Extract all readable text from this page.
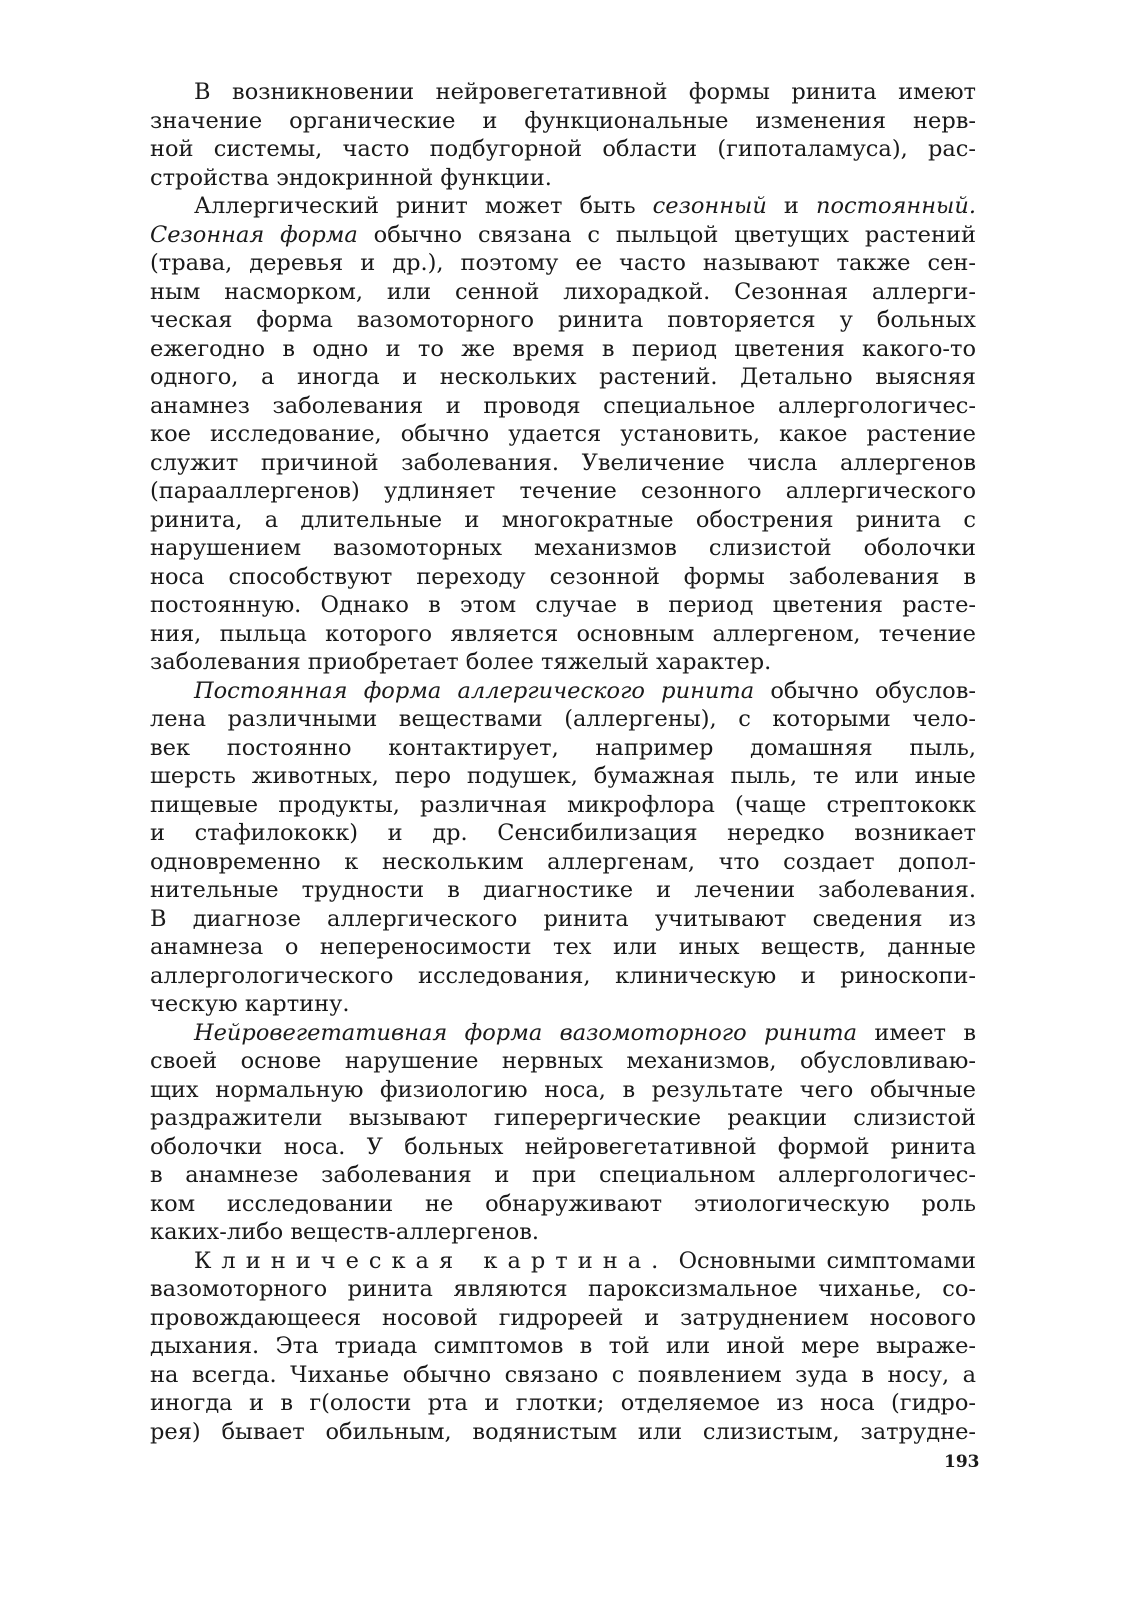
В возникновении нейровегетативной формы ринита имеют
значение органические и функциональные изменения нерв-
ной системы, часто подбугорной области (гипоталамуса), рас-
стройства эндокринной функции.
Аллергический ринит может быть сезонный и постоянный.
Сезонная форма обычно связана с пыльцой цветущих растений
(трава, деревья и др.), поэтому ее часто называют также сен-
ным насморком, или сенной лихорадкой. Сезонная аллерги-
ческая форма вазомоторного ринита повторяется у больных
ежегодно в одно и то же время в период цветения какого-то
одного, а иногда и нескольких растений. Детально выясняя
анамнез заболевания и проводя специальное аллергологичес-
кое исследование, обычно удается установить, какое растение
служит причиной заболевания. Увеличение числа аллергенов
(парааллергенов) удлиняет течение сезонного аллергического
ринита, а длительные и многократные обострения ринита с
нарушением вазомоторных механизмов слизистой оболочки
носа способствуют переходу сезонной формы заболевания в
постоянную. Однако в этом случае в период цветения расте-
ния, пыльца которого является основным аллергеном, течение
заболевания приобретает более тяжелый характер.
Постоянная форма аллергического ринита обычно обуслов-
лена различными веществами (аллергены), с которыми чело-
век постоянно контактирует, например домашняя пыль,
шерсть животных, перо подушек, бумажная пыль, те или иные
пищевые продукты, различная микрофлора (чаще стрептококк
и стафилококк) и др. Сенсибилизация нередко возникает
одновременно к нескольким аллергенам, что создает допол-
нительные трудности в диагностике и лечении заболевания.
В диагнозе аллергического ринита учитывают сведения из
анамнеза о непереносимости тех или иных веществ, данные
аллергологического исследования, клиническую и риноскопи-
ческую картину.
Нейровегетативная форма вазомоторного ринита имеет в
своей основе нарушение нервных механизмов, обусловливаю-
щих нормальную физиологию носа, в результате чего обычные
раздражители вызывают гиперергические реакции слизистой
оболочки носа. У больных нейровегетативной формой ринита
в анамнезе заболевания и при специальном аллергологичес-
ком исследовании не обнаруживают этиологическую роль
каких-либо веществ-аллергенов.
Клиническая картина. Основными симптомами
вазомоторного ринита являются пароксизмальное чиханье, со-
провождающееся носовой гидрореей и затруднением носового
дыхания. Эта триада симптомов в той или иной мере выраже-
на всегда. Чиханье обычно связано с появлением зуда в носу, а
иногда и в г(олости рта и глотки; отделяемое из носа (гидро-
рея) бывает обильным, водянистым или слизистым, затрудне-
193
